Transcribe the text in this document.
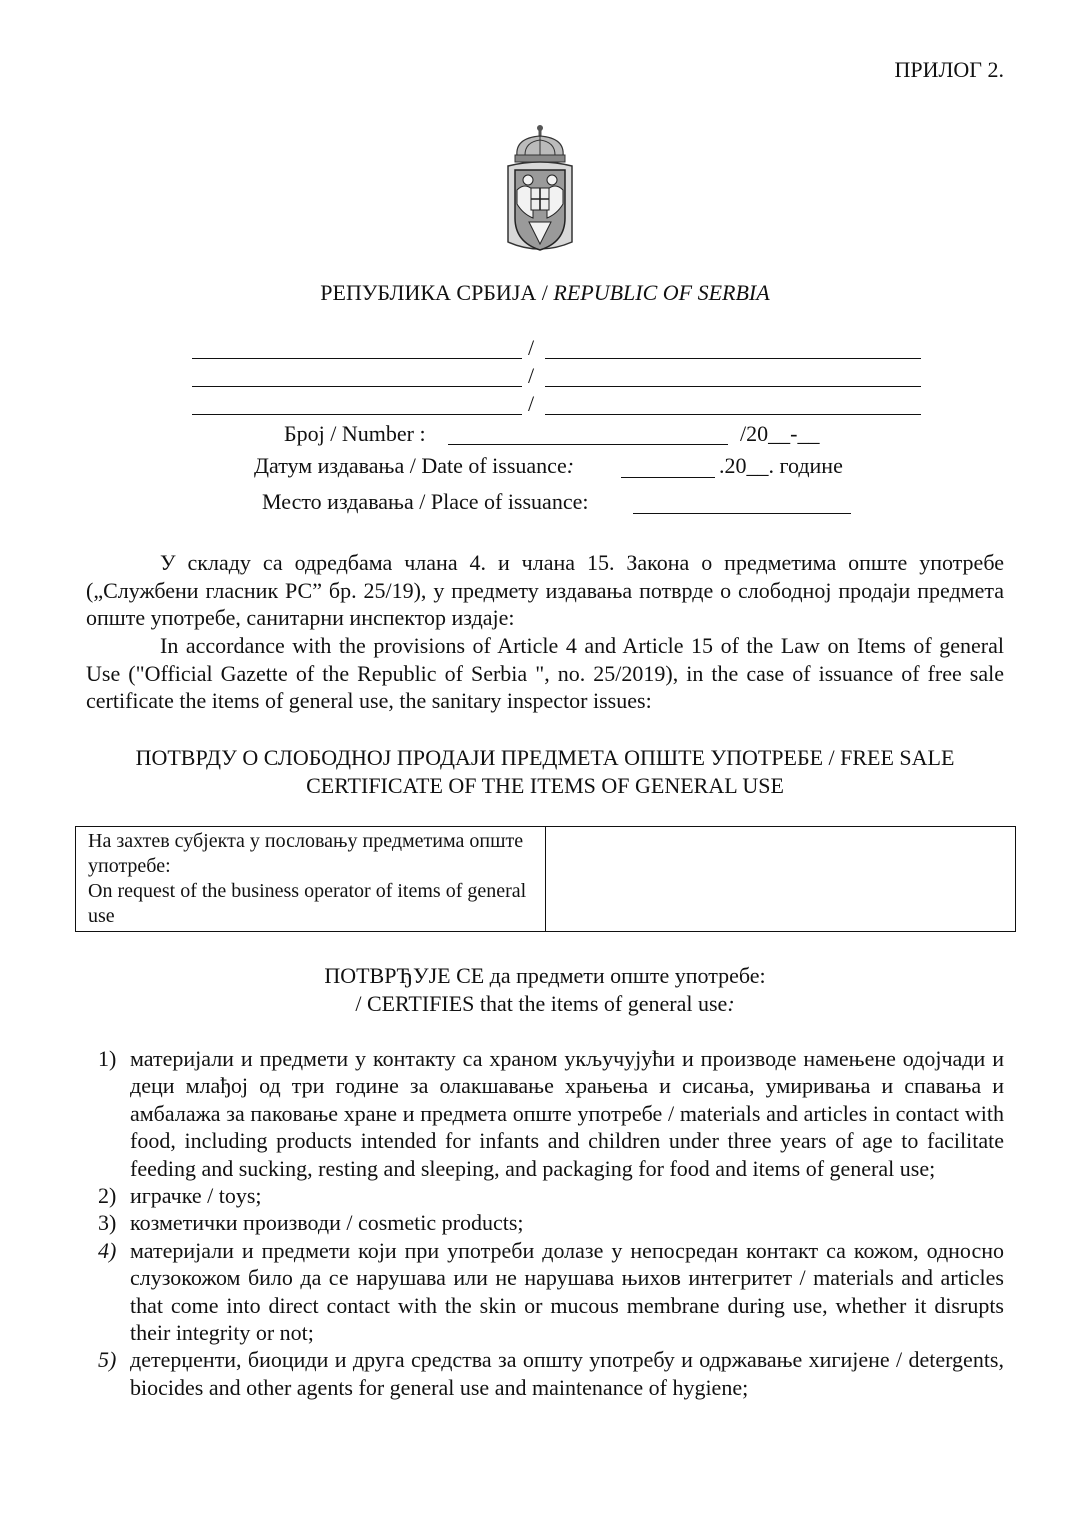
ПРИЛОГ 2.
РЕПУБЛИКА СРБИЈА / REPUBLIC OF SERBIA
/
/
/
Број / Number :	/20__-__
Датум издавања / Date of issuance:	.20__. године
Место издавања / Place of issuance:
У складу са одредбама члана 4. и члана 15. Закона о предметима опште употребе („Службени гласник РС” бр. 25/19), у предмету издавања потврде о слободној продаји предмета опште употребе, санитарни инспектор издаје:
In accordance with the provisions of Article 4 and Article 15 of the Law on Items of general Use ("Official Gazette of the Republic of Serbia ", no. 25/2019), in the case of issuance of free sale certificate the items of general use, the sanitary inspector issues:
ПОТВРДУ О СЛОБОДНОЈ ПРОДАЈИ ПРЕДМЕТА ОПШТЕ УПОТРЕБЕ / FREE SALE
CERTIFICATE OF THE ITEMS OF GENERAL USE
На захтев субјекта у пословању предметима опште употребе:
On request of the business operator of items of general use

ПОТВРЂУЈЕ СЕ да предмети опште употребе:
/ CERTIFIES that the items of general use:
1) материјали и предмети у контакту са храном укључујући и производе намењене одојчади и деци млађој од три године за олакшавање храњења и сисања, умиривања и спавања и амбалажа за паковање хране и предмета опште употребе / materials and articles in contact with food, including products intended for infants and children under three years of age to facilitate feeding and sucking, resting and sleeping, and packaging for food and items of general use;
2) играчке / toys;
3) козметички производи / cosmetic products;
4) материјали и предмети који при употреби долазе у непосредан контакт са кожом, односно слузокожом било да се нарушава или не нарушава њихов интегритет / materials and articles that come into direct contact with the skin or mucous membrane during use, whether it disrupts their integrity or not;
5) детерџенти, биоциди и друга средства за општу употребу и одржавање хигијене / detergents, biocides and other agents for general use and maintenance of hygiene;
